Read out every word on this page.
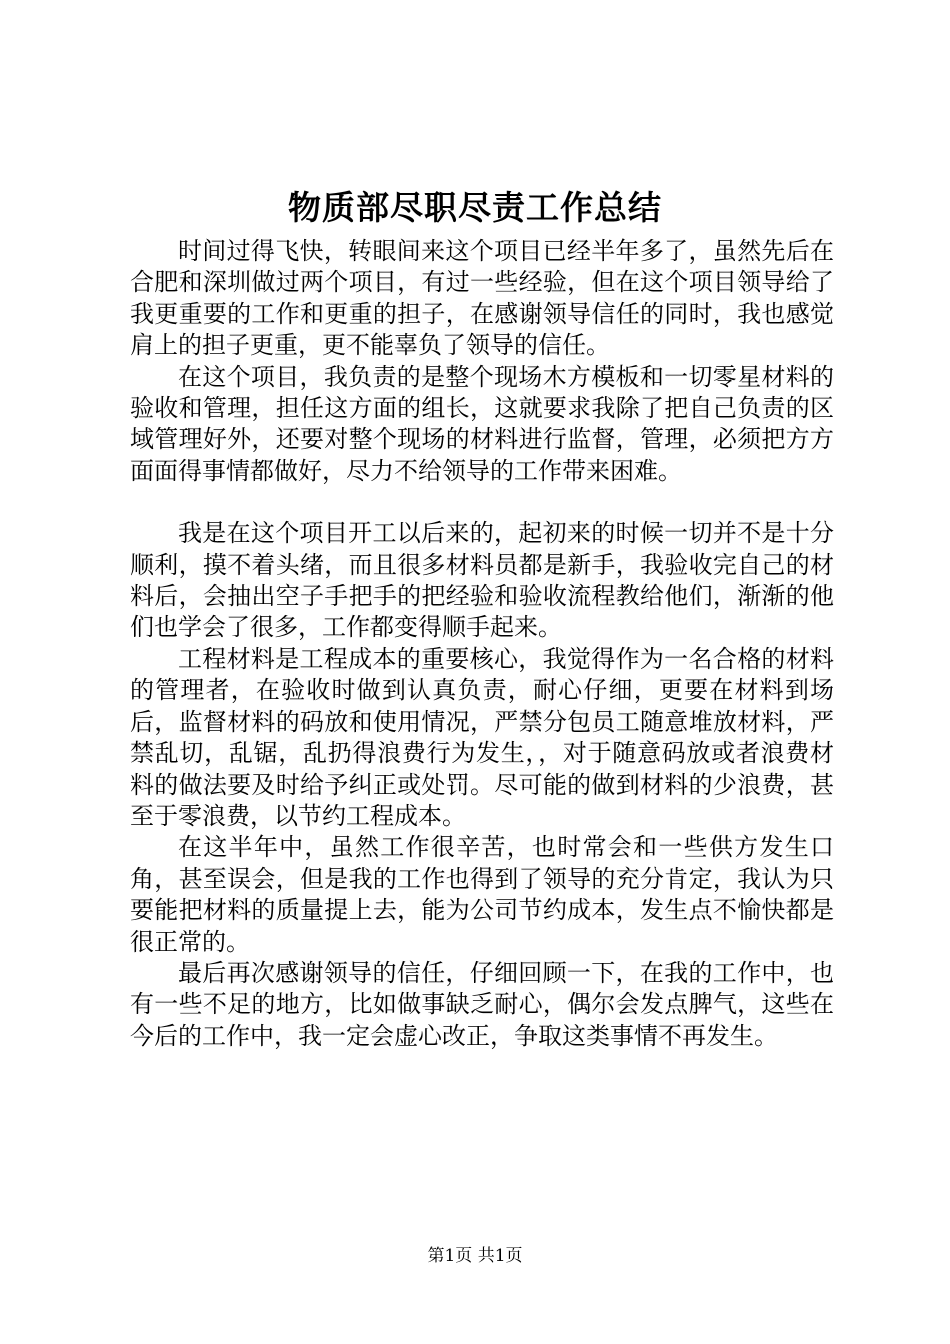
物质部尽职尽责工作总结

时间过得飞快，转眼间来这个项目已经半年多了，虽然先后在合肥和深圳做过两个项目，有过一些经验，但在这个项目领导给了我更重要的工作和更重的担子，在感谢领导信任的同时，我也感觉肩上的担子更重，更不能辜负了领导的信任。

在这个项目，我负责的是整个现场木方模板和一切零星材料的验收和管理，担任这方面的组长，这就要求我除了把自己负责的区域管理好外，还要对整个现场的材料进行监督，管理，必须把方方面面得事情都做好，尽力不给领导的工作带来困难。

我是在这个项目开工以后来的，起初来的时候一切并不是十分顺利，摸不着头绪，而且很多材料员都是新手，我验收完自己的材料后，会抽出空子手把手的把经验和验收流程教给他们，渐渐的他们也学会了很多，工作都变得顺手起来。

工程材料是工程成本的重要核心，我觉得作为一名合格的材料的管理者，在验收时做到认真负责，耐心仔细，更要在材料到场后，监督材料的码放和使用情况，严禁分包员工随意堆放材料，严禁乱切，乱锯，乱扔得浪费行为发生，，对于随意码放或者浪费材料的做法要及时给予纠正或处罚。尽可能的做到材料的少浪费，甚至于零浪费，以节约工程成本。

在这半年中，虽然工作很辛苦，也时常会和一些供方发生口角，甚至误会，但是我的工作也得到了领导的充分肯定，我认为只要能把材料的质量提上去，能为公司节约成本，发生点不愉快都是很正常的。

最后再次感谢领导的信任，仔细回顾一下，在我的工作中，也有一些不足的地方，比如做事缺乏耐心，偶尔会发点脾气，这些在今后的工作中，我一定会虚心改正，争取这类事情不再发生。

第1页 共1页
